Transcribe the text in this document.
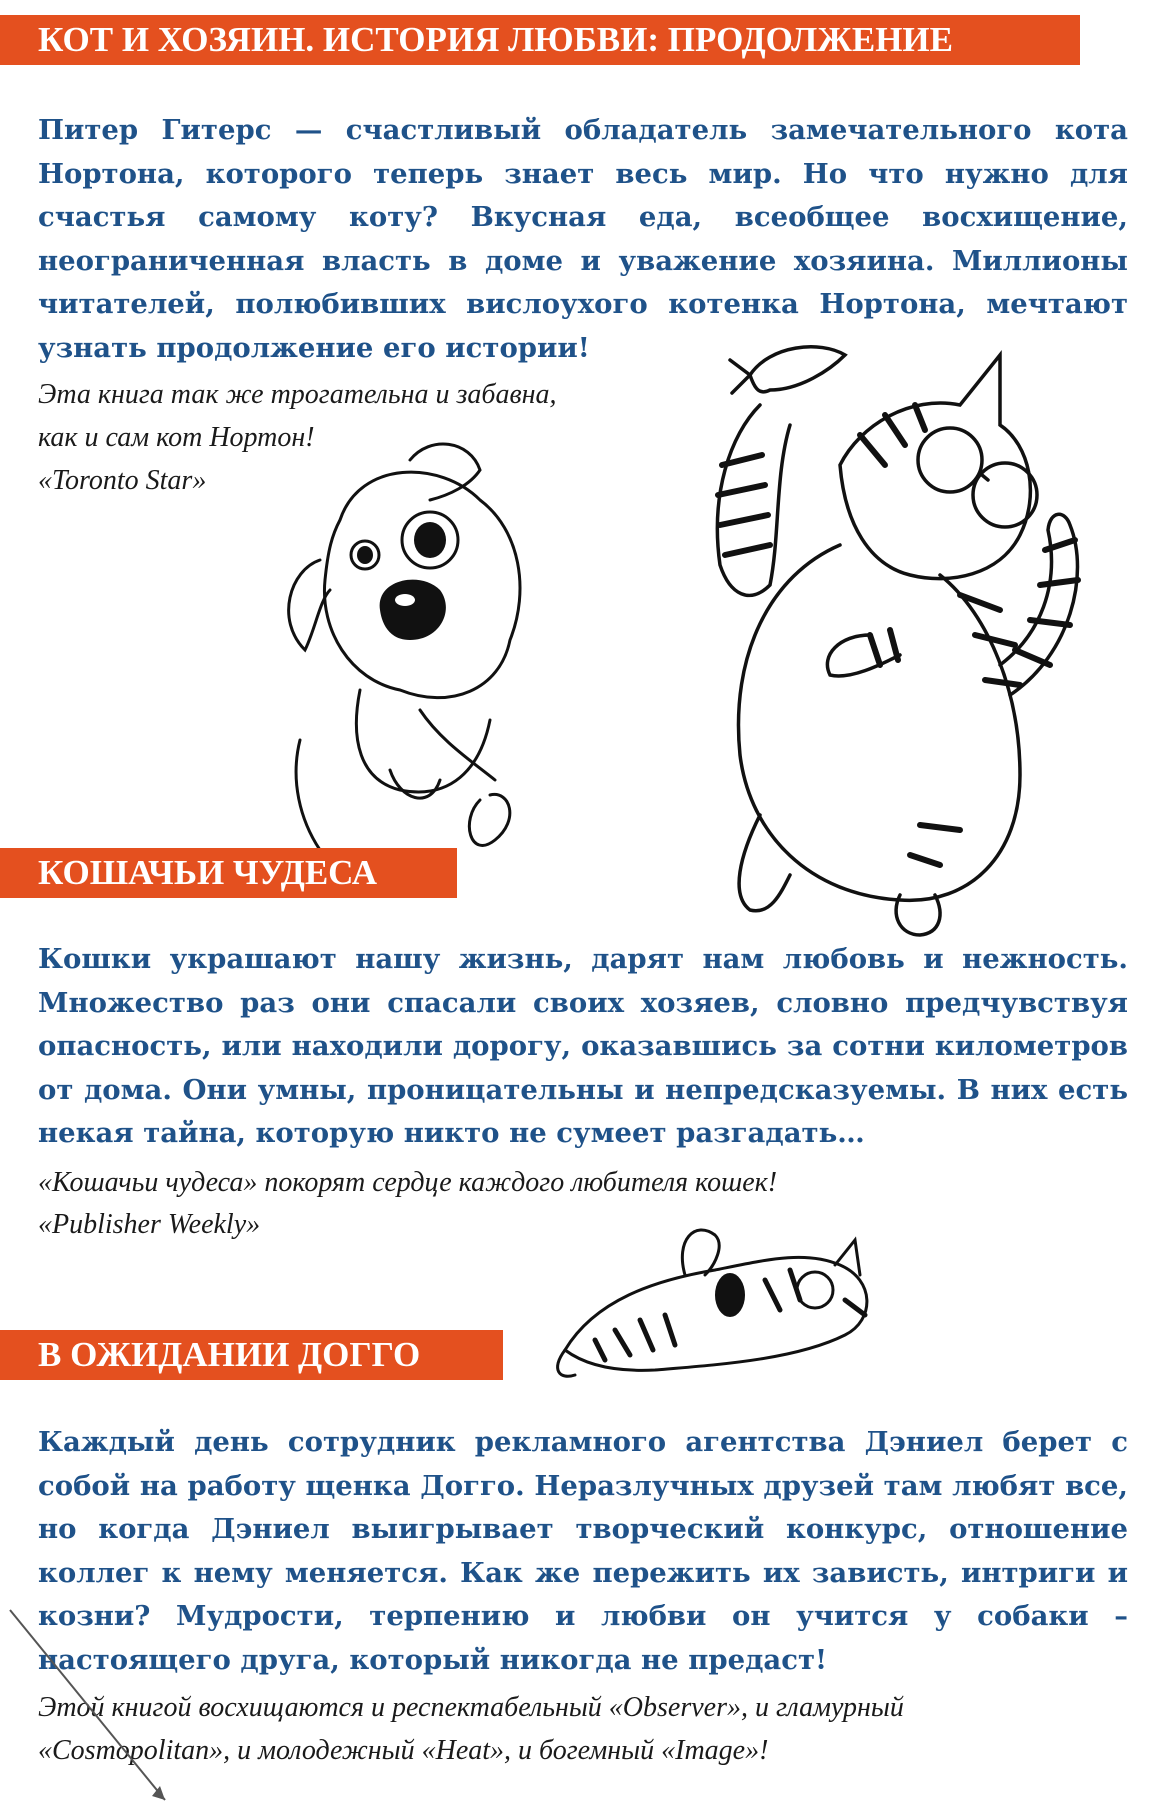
КОТ И ХОЗЯИН. ИСТОРИЯ ЛЮБВИ: ПРОДОЛЖЕНИЕ

Питер Гитерс — счастливый обладатель замечательного кота Нортона, которого теперь знает весь мир. Но что нужно для счастья самому коту? Вкусная еда, всеобщее восхищение, неограниченная власть в доме и уважение хозяина. Миллионы читателей, полюбивших вислоухого котенка Нортона, мечтают узнать продолжение его истории!

Эта книга так же трогательна и забавна,

как и сам кот Нортон!

«Toronto Star»

КОШАЧЬИ ЧУДЕСА

Кошки украшают нашу жизнь, дарят нам любовь и нежность. Множество раз они спасали своих хозяев, словно предчувствуя опасность, или находили дорогу, оказавшись за сотни километров от дома. Они умны, проницательны и непредсказуемы. В них есть некая тайна, которую никто не сумеет разгадать…

«Кошачьи чудеса» покорят сердце каждого любителя кошек!

«Publisher Weekly»

В ОЖИДАНИИ ДОГГО

Каждый день сотрудник рекламного агентства Дэниел берет с собой на работу щенка Догго. Неразлучных друзей там любят все, но когда Дэниел выигрывает творческий конкурс, отношение коллег к нему меняется. Как же пережить их зависть, интриги и козни? Мудрости, терпению и любви он учится у собаки – настоящего друга, который никогда не предаст!

Этой книгой восхищаются и респектабельный «Observer», и гламурный

«Cosmopolitan», и молодежный «Heat», и богемный «Image»!
